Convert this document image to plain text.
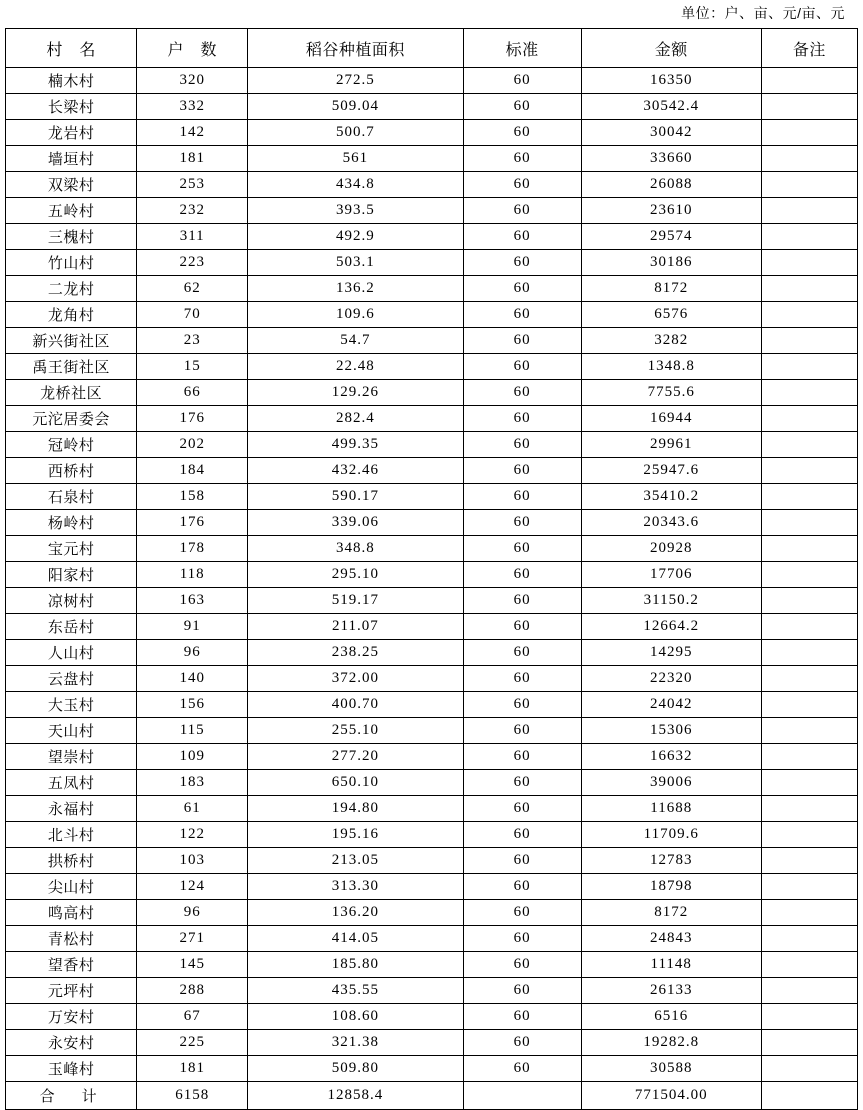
单位：户、亩、元/亩、元
村　名	户　数	稻谷种植面积	标准	金额	备注
楠木村	320	272.5	60	16350	
长梁村	332	509.04	60	30542.4	
龙岩村	142	500.7	60	30042	
墙垣村	181	561	60	33660	
双梁村	253	434.8	60	26088	
五岭村	232	393.5	60	23610	
三槐村	311	492.9	60	29574	
竹山村	223	503.1	60	30186	
二龙村	62	136.2	60	8172	
龙角村	70	109.6	60	6576	
新兴街社区	23	54.7	60	3282	
禹王街社区	15	22.48	60	1348.8	
龙桥社区	66	129.26	60	7755.6	
元沱居委会	176	282.4	60	16944	
冠岭村	202	499.35	60	29961	
西桥村	184	432.46	60	25947.6	
石泉村	158	590.17	60	35410.2	
杨岭村	176	339.06	60	20343.6	
宝元村	178	348.8	60	20928	
阳家村	118	295.10	60	17706	
凉树村	163	519.17	60	31150.2	
东岳村	91	211.07	60	12664.2	
人山村	96	238.25	60	14295	
云盘村	140	372.00	60	22320	
大玉村	156	400.70	60	24042	
天山村	115	255.10	60	15306	
望崇村	109	277.20	60	16632	
五凤村	183	650.10	60	39006	
永福村	61	194.80	60	11688	
北斗村	122	195.16	60	11709.6	
拱桥村	103	213.05	60	12783	
尖山村	124	313.30	60	18798	
鸣高村	96	136.20	60	8172	
青松村	271	414.05	60	24843	
望香村	145	185.80	60	11148	
元坪村	288	435.55	60	26133	
万安村	67	108.60	60	6516	
永安村	225	321.38	60	19282.8	
玉峰村	181	509.80	60	30588	
合　计	6158	12858.4		771504.00	
